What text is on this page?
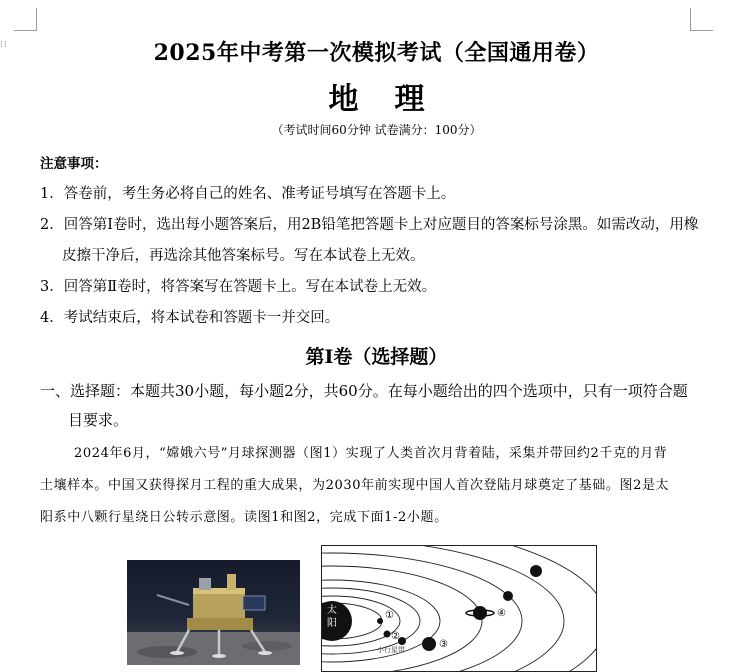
⁝⁝	2025年中考第一次模拟考试（全国通用卷）
地理
（考试时间60分钟 试卷满分：100分）
注意事项：
1．答卷前，考生务必将自己的姓名、准考证号填写在答题卡上。
2．回答第Ⅰ卷时，选出每小题答案后，用2B铅笔把答题卡上对应题目的答案标号涂黑。如需改动，用橡
皮擦干净后，再选涂其他答案标号。写在本试卷上无效。
3．回答第Ⅱ卷时，将答案写在答题卡上。写在本试卷上无效。
4．考试结束后，将本试卷和答题卡一并交回。
第Ⅰ卷（选择题）
一、选择题：本题共30小题，每小题2分，共60分。在每小题给出的四个选项中，只有一项符合题
目要求。
2024年6月，“嫦娥六号”月球探测器（图1）实现了人类首次月背着陆，采集并带回约2千克的月背
土壤样本。中国又获得探月工程的重大成果，为2030年前实现中国人首次登陆月球奠定了基础。图2是太
阳系中八颗行星绕日公转示意图。读图1和图2，完成下面1-2小题。
太
阳
①
②
③
④
小行星带
